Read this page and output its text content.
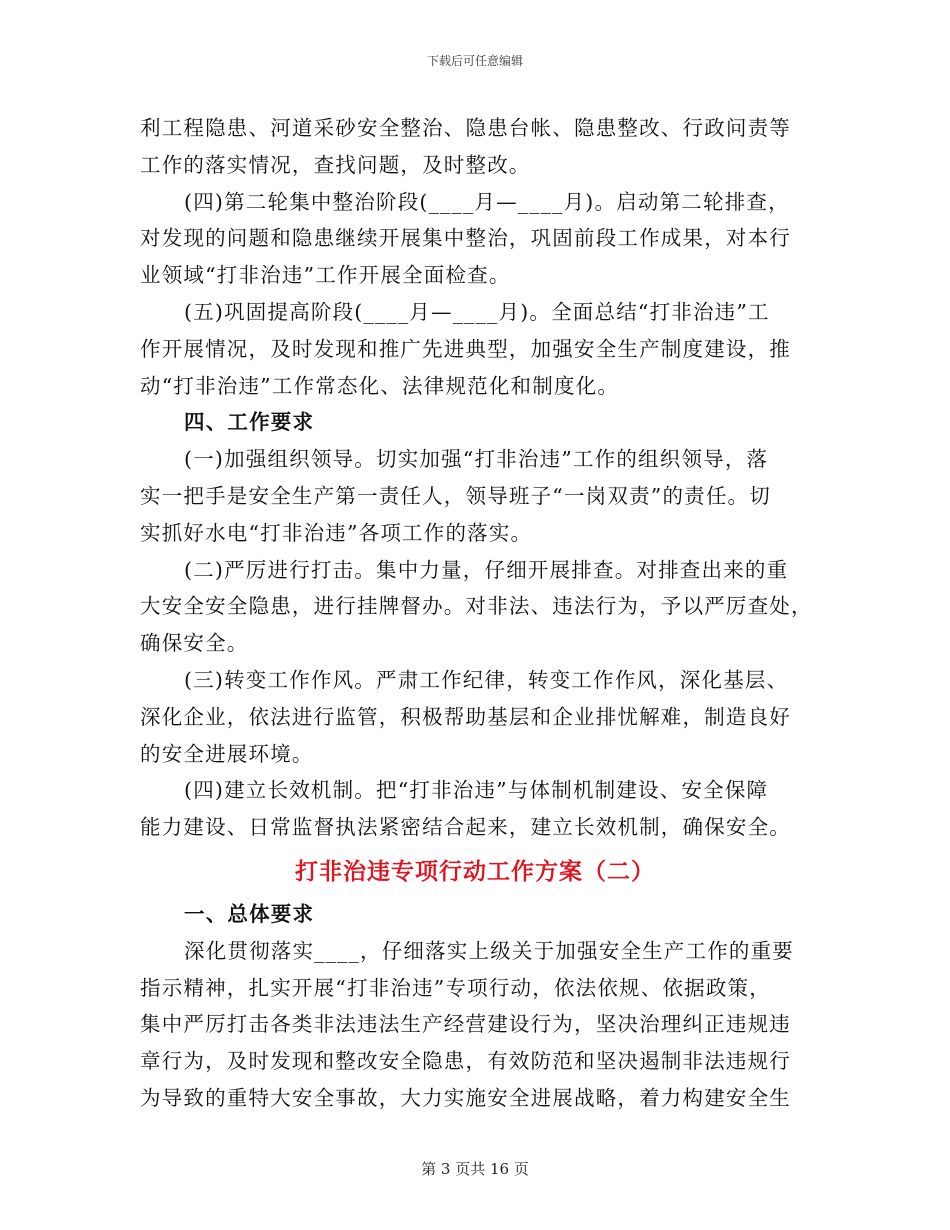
下载后可任意编辑
利工程隐患、河道采砂安全整治、隐患台帐、隐患整改、行政问责等
工作的落实情况，查找问题，及时整改。
(四)第二轮集中整治阶段(____月—____月)。启动第二轮排查，
对发现的问题和隐患继续开展集中整治，巩固前段工作成果，对本行
业领域“打非治违”工作开展全面检查。
(五)巩固提高阶段(____月—____月)。全面总结“打非治违”工
作开展情况，及时发现和推广先进典型，加强安全生产制度建设，推
动“打非治违”工作常态化、法律规范化和制度化。
四、工作要求
(一)加强组织领导。切实加强“打非治违”工作的组织领导，落
实一把手是安全生产第一责任人，领导班子“一岗双责”的责任。切
实抓好水电“打非治违”各项工作的落实。
(二)严厉进行打击。集中力量，仔细开展排查。对排查出来的重
大安全安全隐患，进行挂牌督办。对非法、违法行为，予以严厉查处，
确保安全。
(三)转变工作作风。严肃工作纪律，转变工作作风，深化基层、
深化企业，依法进行监管，积极帮助基层和企业排忧解难，制造良好
的安全进展环境。
(四)建立长效机制。把“打非治违”与体制机制建设、安全保障
能力建设、日常监督执法紧密结合起来，建立长效机制，确保安全。
打非治违专项行动工作方案（二）
一、总体要求
深化贯彻落实____，仔细落实上级关于加强安全生产工作的重要
指示精神，扎实开展“打非治违”专项行动，依法依规、依据政策，
集中严厉打击各类非法违法生产经营建设行为，坚决治理纠正违规违
章行为，及时发现和整改安全隐患，有效防范和坚决遏制非法违规行
为导致的重特大安全事故，大力实施安全进展战略，着力构建安全生
第 3 页共 16 页
